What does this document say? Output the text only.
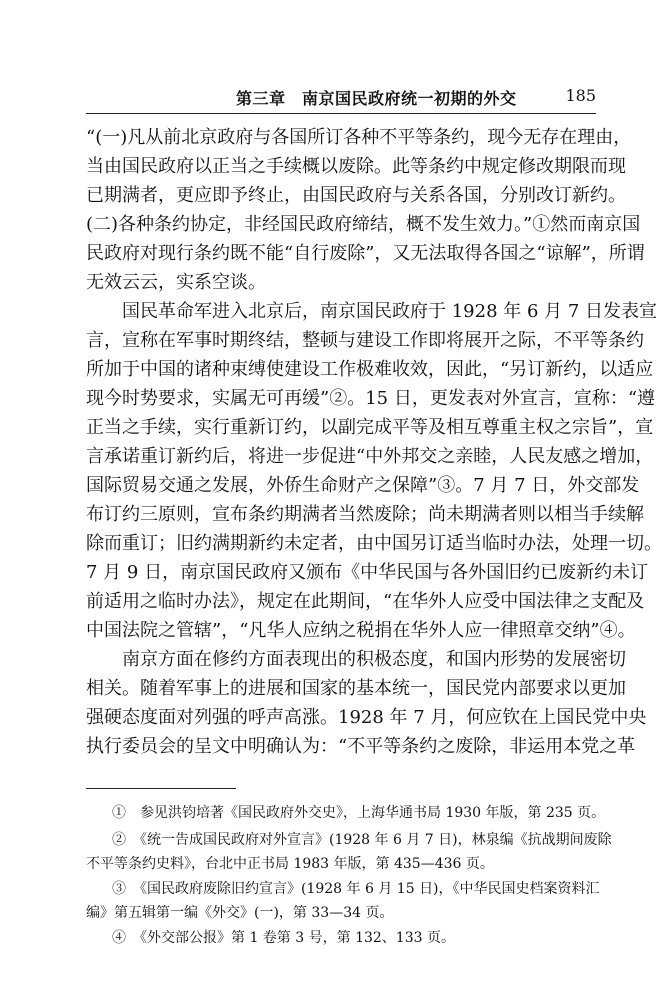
第三章　南京国民政府统一初期的外交	185
“(一)凡从前北京政府与各国所订各种不平等条约，现今无存在理由，
当由国民政府以正当之手续概以废除。此等条约中规定修改期限而现
已期满者，更应即予终止，由国民政府与关系各国，分别改订新约。
(二)各种条约协定，非经国民政府缔结，概不发生效力。”①然而南京国
民政府对现行条约既不能“自行废除”，又无法取得各国之“谅解”，所谓
无效云云，实系空谈。
国民革命军进入北京后，南京国民政府于 1928 年 6 月 7 日发表宣
言，宣称在军事时期终结，整顿与建设工作即将展开之际，不平等条约
所加于中国的诸种束缚使建设工作极难收效，因此，“另订新约，以适应
现今时势要求，实属无可再缓”②。15 日，更发表对外宣言，宣称：“遵
正当之手续，实行重新订约，以副完成平等及相互尊重主权之宗旨”，宣
言承诺重订新约后，将进一步促进“中外邦交之亲睦，人民友感之增加，
国际贸易交通之发展，外侨生命财产之保障”③。7 月 7 日，外交部发
布订约三原则，宣布条约期满者当然废除；尚未期满者则以相当手续解
除而重订；旧约满期新约未定者，由中国另订适当临时办法，处理一切。
7 月 9 日，南京国民政府又颁布《中华民国与各外国旧约已废新约未订
前适用之临时办法》，规定在此期间，“在华外人应受中国法律之支配及
中国法院之管辖”，“凡华人应纳之税捐在华外人应一律照章交纳”④。
南京方面在修约方面表现出的积极态度，和国内形势的发展密切
相关。随着军事上的进展和国家的基本统一，国民党内部要求以更加
强硬态度面对列强的呼声高涨。1928 年 7 月，何应钦在上国民党中央
执行委员会的呈文中明确认为：“不平等条约之废除，非运用本党之革
①　参见洪钧培著《国民政府外交史》，上海华通书局 1930 年版，第 235 页。
②　《统一告成国民政府对外宣言》(1928 年 6 月 7 日)，林泉编《抗战期间废除
不平等条约史料》，台北中正书局 1983 年版，第 435—436 页。
③　《国民政府废除旧约宣言》(1928 年 6 月 15 日)，《中华民国史档案资料汇
编》第五辑第一编《外交》(一)，第 33—34 页。
④　《外交部公报》第 1 卷第 3 号，第 132、133 页。
